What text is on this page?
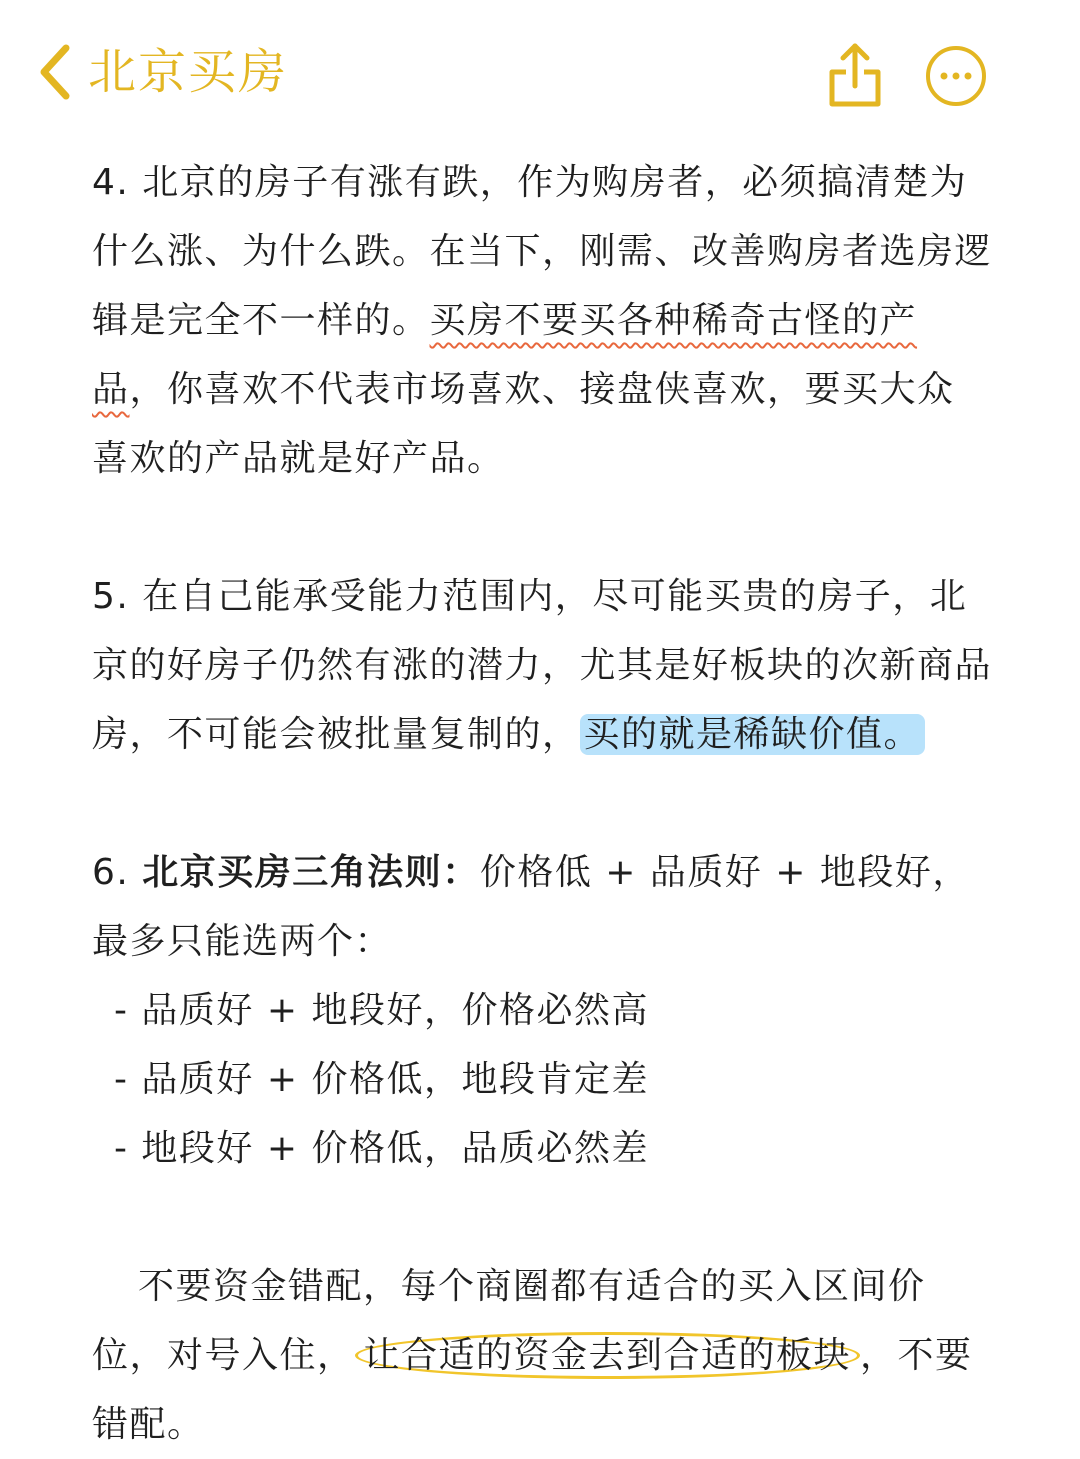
北京买房

4. 北京的房子有涨有跌，作为购房者，必须搞清楚为什么涨、为什么跌。在当下，刚需、改善购房者选房逻辑是完全不一样的。买房不要买各种稀奇古怪的产品，你喜欢不代表市场喜欢、接盘侠喜欢，要买大众喜欢的产品就是好产品。

5. 在自己能承受能力范围内，尽可能买贵的房子，北京的好房子仍然有涨的潜力，尤其是好板块的次新商品房，不可能会被批量复制的， 买的就是稀缺价值。

6. 北京买房三角法则：价格低 + 品质好 + 地段好，最多只能选两个：

- 品质好 + 地段好，价格必然高

- 品质好 + 价格低，地段肯定差

- 地段好 + 价格低，品质必然差

不要资金错配，每个商圈都有适合的买入区间价位，对号入住， 让合适的资金去到合适的板块 ，不要错配。
